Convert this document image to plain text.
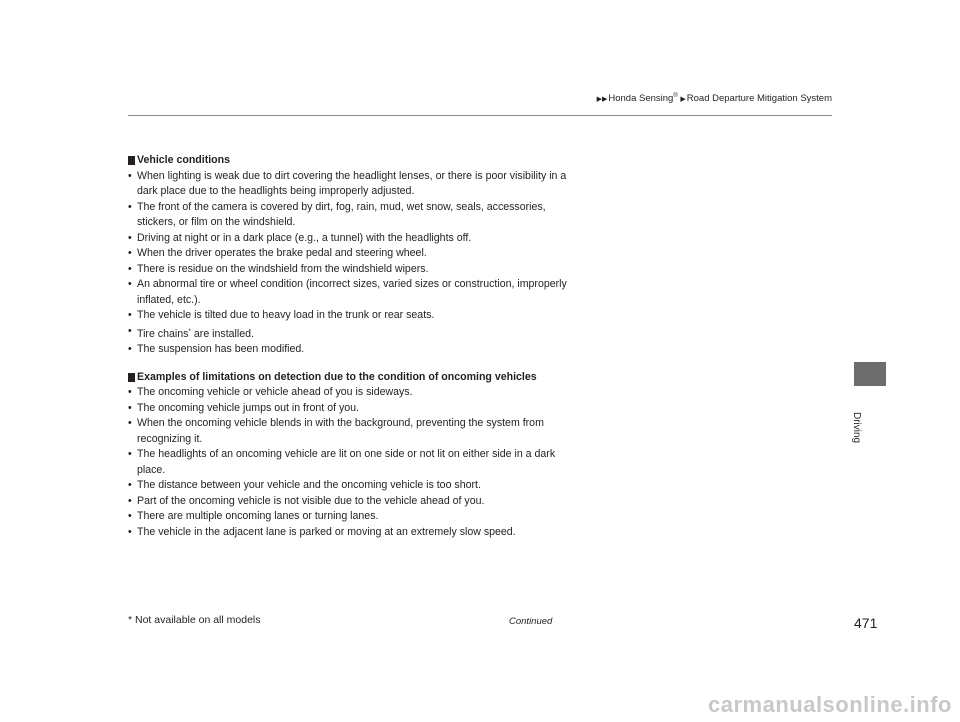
▶▶Honda Sensing® ▶Road Departure Mitigation System
Driving

Vehicle conditions

• When lighting is weak due to dirt covering the headlight lenses, or there is poor visibility in a dark place due to the headlights being improperly adjusted.
• The front of the camera is covered by dirt, fog, rain, mud, wet snow, seals, accessories, stickers, or film on the windshield.
• Driving at night or in a dark place (e.g., a tunnel) with the headlights off.
• When the driver operates the brake pedal and steering wheel.
• There is residue on the windshield from the windshield wipers.
• An abnormal tire or wheel condition (incorrect sizes, varied sizes or construction, improperly inflated, etc.).
• The vehicle is tilted due to heavy load in the trunk or rear seats.
• Tire chains* are installed.
• The suspension has been modified.

Examples of limitations on detection due to the condition of oncoming vehicles

• The oncoming vehicle or vehicle ahead of you is sideways.
• The oncoming vehicle jumps out in front of you.
• When the oncoming vehicle blends in with the background, preventing the system from recognizing it.
• The headlights of an oncoming vehicle are lit on one side or not lit on either side in a dark place.
• The distance between your vehicle and the oncoming vehicle is too short.
• Part of the oncoming vehicle is not visible due to the vehicle ahead of you.
• There are multiple oncoming lanes or turning lanes.
• The vehicle in the adjacent lane is parked or moving at an extremely slow speed.
* Not available on all models	Continued	471
carmanualsonline.info
